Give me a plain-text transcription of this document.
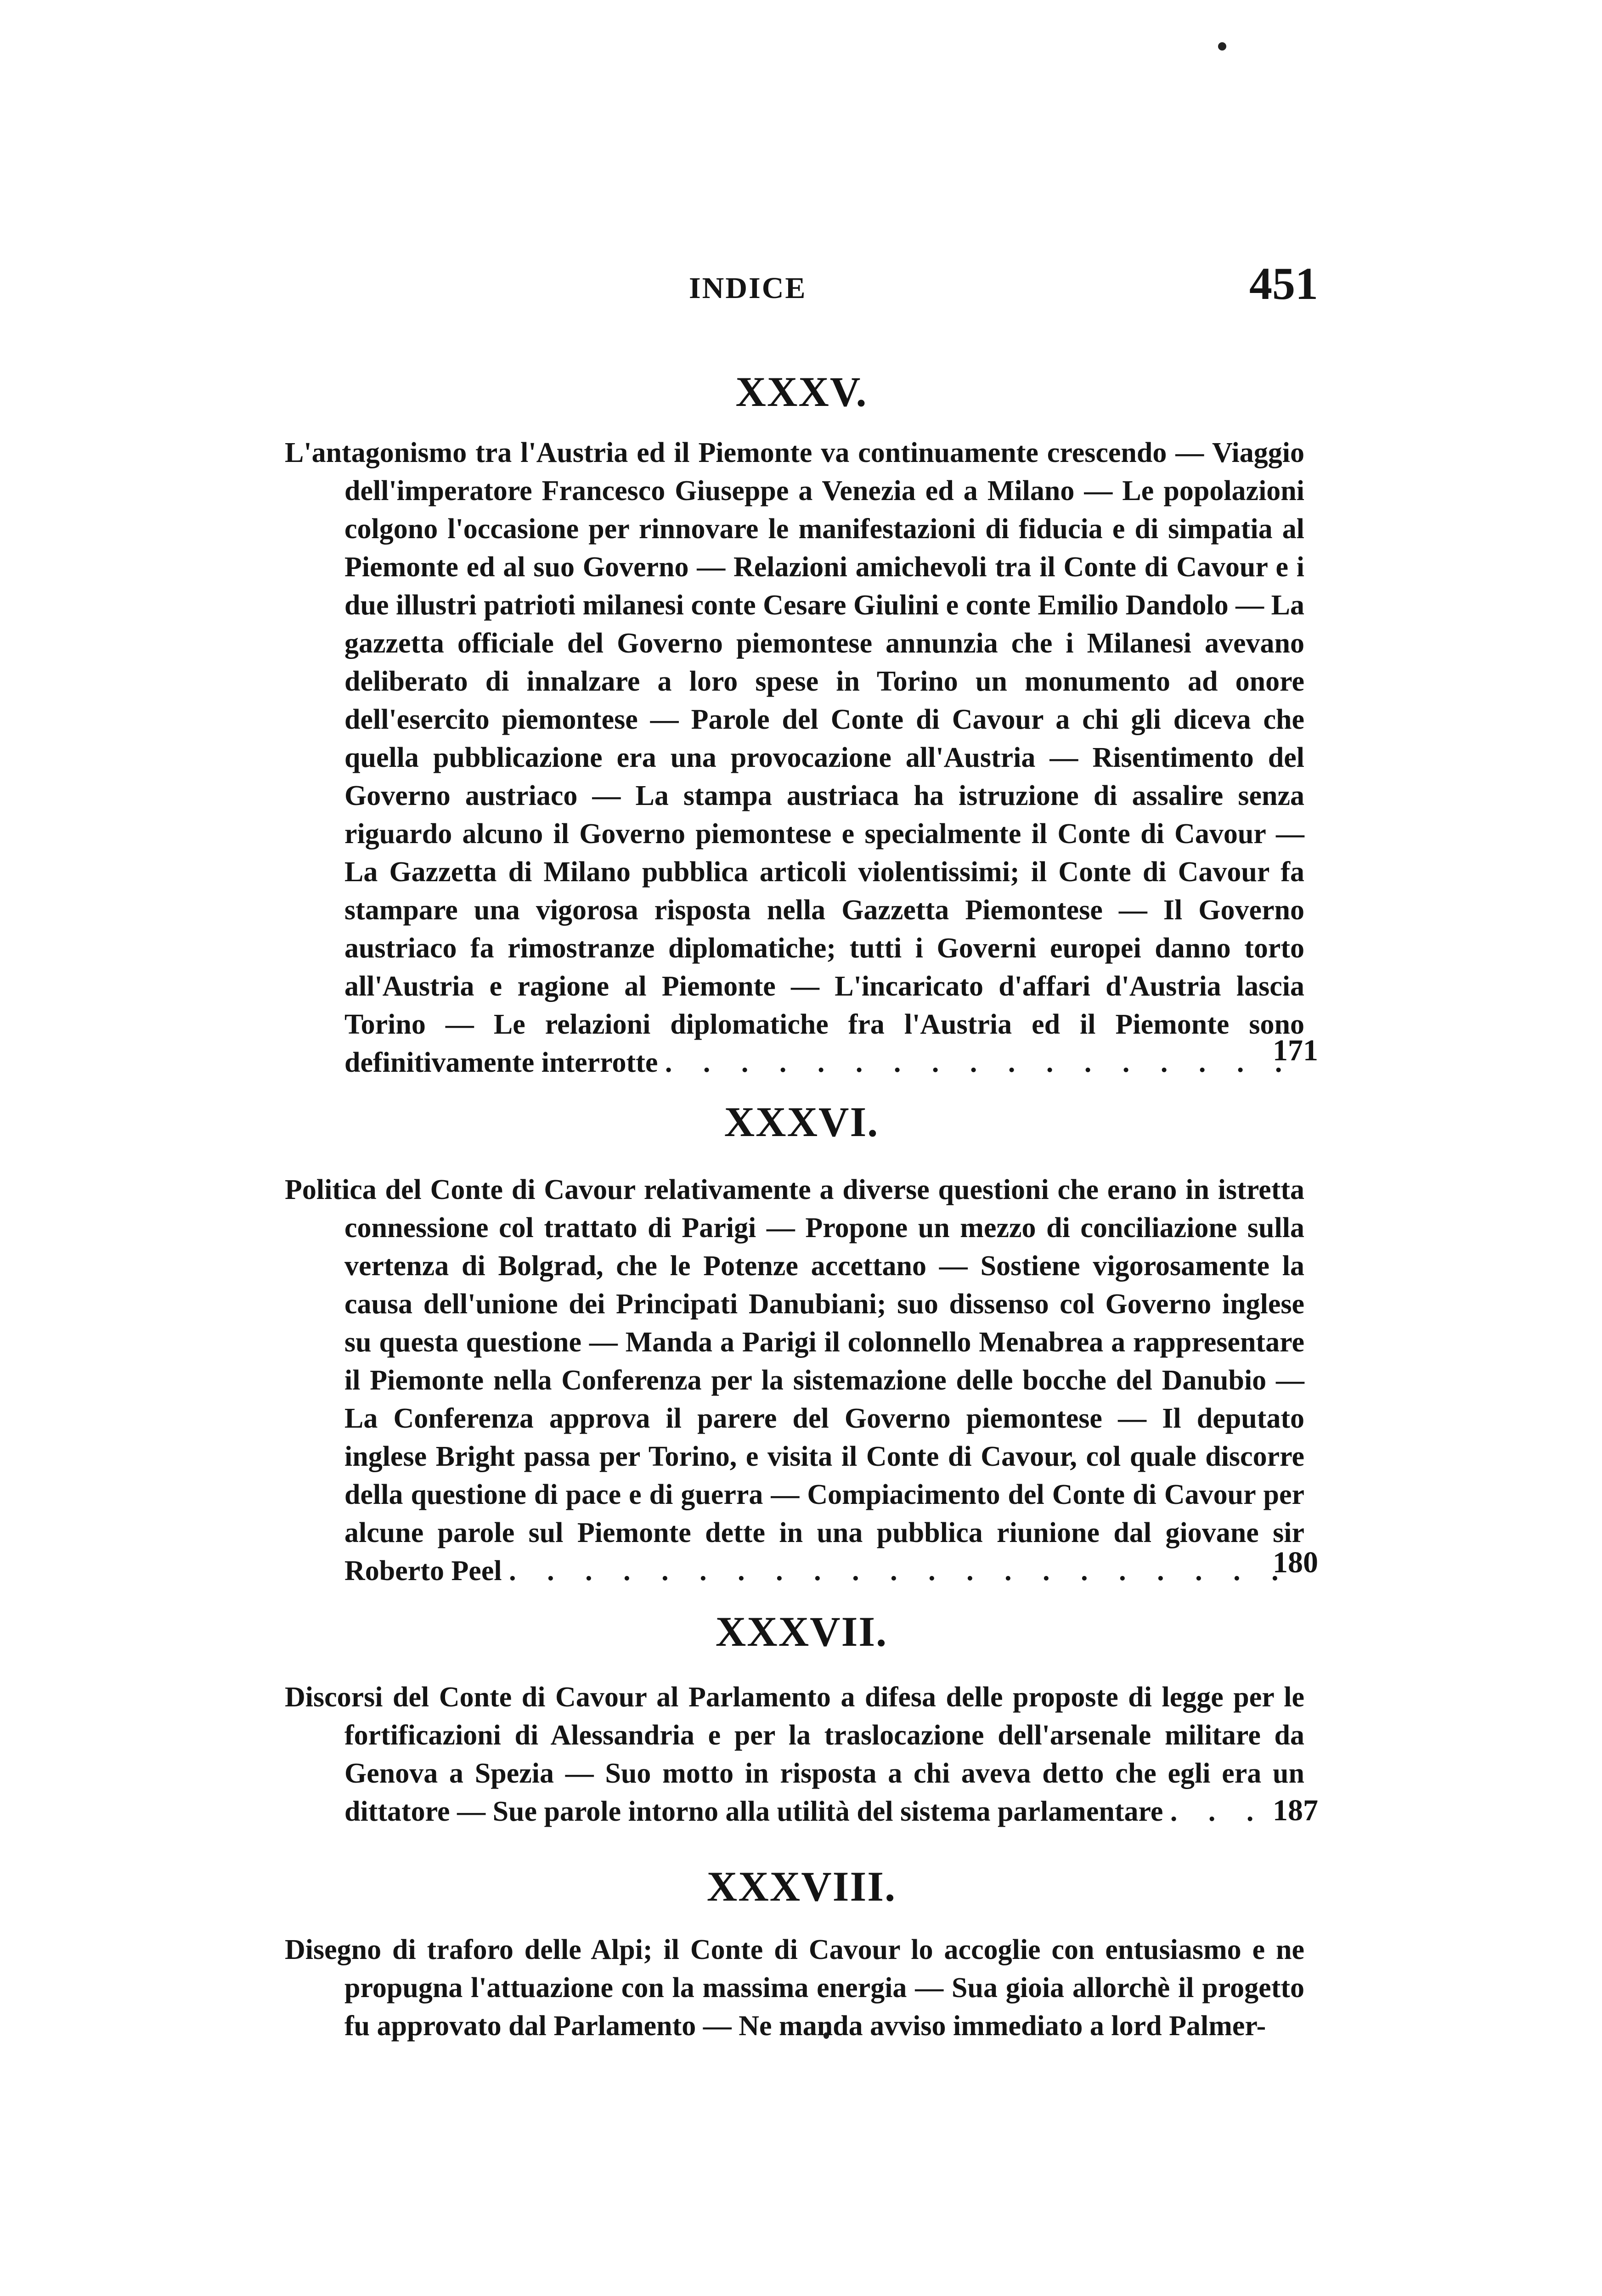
INDICE	451
XXXV.
L'antagonismo tra l'Austria ed il Piemonte va continuamente crescendo — Viaggio dell'imperatore Francesco Giuseppe a Venezia ed a Milano — Le popolazioni colgono l'occasione per rinnovare le manifestazioni di fiducia e di simpatia al Piemonte ed al suo Governo — Relazioni amichevoli tra il Conte di Cavour e i due illustri patrioti milanesi conte Cesare Giulini e conte Emilio Dandolo — La gazzetta officiale del Governo piemontese annunzia che i Milanesi avevano deliberato di innalzare a loro spese in Torino un monumento ad onore dell'esercito piemontese — Parole del Conte di Cavour a chi gli diceva che quella pubblicazione era una provocazione all'Austria — Risentimento del Governo austriaco — La stampa austriaca ha istruzione di assalire senza riguardo alcuno il Governo piemontese e specialmente il Conte di Cavour — La Gazzetta di Milano pubblica articoli violentissimi; il Conte di Cavour fa stampare una vigorosa risposta nella Gazzetta Piemontese — Il Governo austriaco fa rimostranze diplomatiche; tutti i Governi europei danno torto all'Austria e ragione al Piemonte — L'incaricato d'affari d'Austria lascia Torino — Le relazioni diplomatiche fra l'Austria ed il Piemonte sono definitivamente interrotte . . . . . . . . . . . . . . . . .
171
XXXVI.
Politica del Conte di Cavour relativamente a diverse questioni che erano in istretta connessione col trattato di Parigi — Propone un mezzo di conciliazione sulla vertenza di Bolgrad, che le Potenze accettano — Sostiene vigorosamente la causa dell'unione dei Principati Danubiani; suo dissenso col Governo inglese su questa questione — Manda a Parigi il colonnello Menabrea a rappresentare il Piemonte nella Conferenza per la sistemazione delle bocche del Danubio — La Conferenza approva il parere del Governo piemontese — Il deputato inglese Bright passa per Torino, e visita il Conte di Cavour, col quale discorre della questione di pace e di guerra — Compiacimento del Conte di Cavour per alcune parole sul Piemonte dette in una pubblica riunione dal giovane sir Roberto Peel . . . . . . . . . . . . . . . . . . . . .
180
XXXVII.
Discorsi del Conte di Cavour al Parlamento a difesa delle proposte di legge per le fortificazioni di Alessandria e per la traslocazione dell'arsenale militare da Genova a Spezia — Suo motto in risposta a chi aveva detto che egli era un dittatore — Sue parole intorno alla utilità del sistema parlamentare . . . 187
XXXVIII.
Disegno di traforo delle Alpi; il Conte di Cavour lo accoglie con entusiasmo e ne propugna l'attuazione con la massima energia — Sua gioia allorchè il progetto fu approvato dal Parlamento — Ne manda avviso immediato a lord Palmer-
